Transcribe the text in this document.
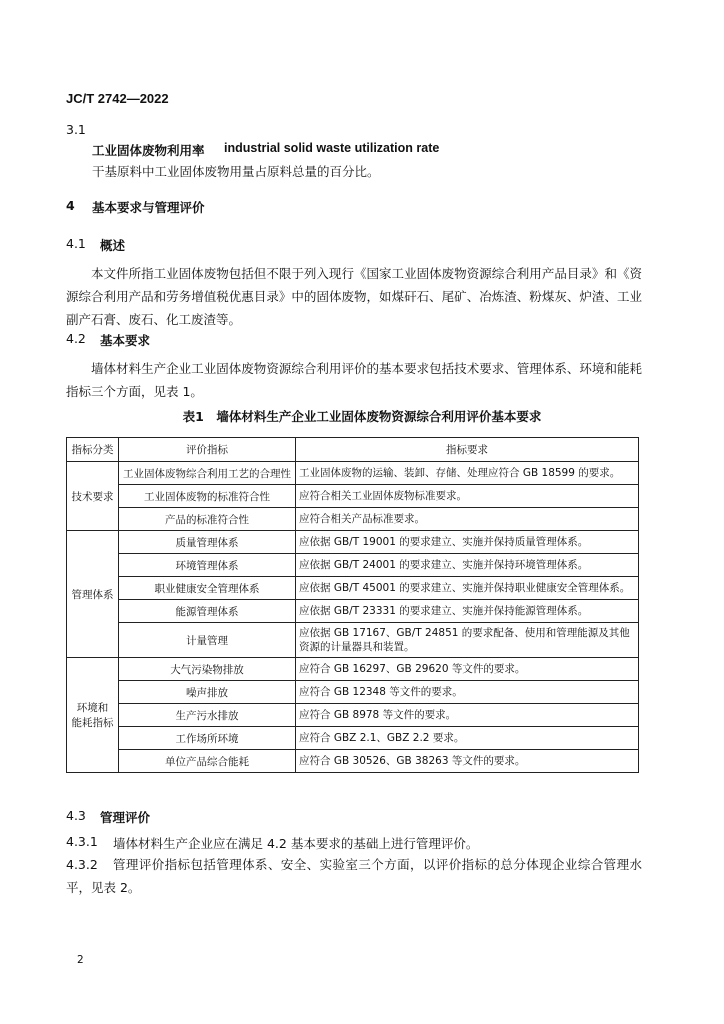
JC/T 2742—2022
3.1
工业固体废物利用率 industrial solid waste utilization rate
干基原料中工业固体废物用量占原料总量的百分比。
4 基本要求与管理评价
4.1 概述
本文件所指工业固体废物包括但不限于列入现行《国家工业固体废物资源综合利用产品目录》和《资源综合利用产品和劳务增值税优惠目录》中的固体废物，如煤矸石、尾矿、冶炼渣、粉煤灰、炉渣、工业副产石膏、废石、化工废渣等。
4.2 基本要求
墙体材料生产企业工业固体废物资源综合利用评价的基本要求包括技术要求、管理体系、环境和能耗指标三个方面，见表 1。
表1　墙体材料生产企业工业固体废物资源综合利用评价基本要求
指标分类	评价指标	指标要求
技术要求	工业固体废物综合利用工艺的合理性	工业固体废物的运输、装卸、存储、处理应符合 GB 18599 的要求。
	工业固体废物的标准符合性	应符合相关工业固体废物标准要求。
	产品的标准符合性	应符合相关产品标准要求。
管理体系	质量管理体系	应依据 GB/T 19001 的要求建立、实施并保持质量管理体系。
	环境管理体系	应依据 GB/T 24001 的要求建立、实施并保持环境管理体系。
	职业健康安全管理体系	应依据 GB/T 45001 的要求建立、实施并保持职业健康安全管理体系。
	能源管理体系	应依据 GB/T 23331 的要求建立、实施并保持能源管理体系。
	计量管理	应依据 GB 17167、GB/T 24851 的要求配备、使用和管理能源及其他资源的计量器具和装置。
环境和
能耗指标	大气污染物排放	应符合 GB 16297、GB 29620 等文件的要求。
	噪声排放	应符合 GB 12348 等文件的要求。
	生产污水排放	应符合 GB 8978 等文件的要求。
	工作场所环境	应符合 GBZ 2.1、GBZ 2.2 要求。
	单位产品综合能耗	应符合 GB 30526、GB 38263 等文件的要求。
4.3 管理评价
4.3.1 墙体材料生产企业应在满足 4.2 基本要求的基础上进行管理评价。
4.3.2	管理评价指标包括管理体系、安全、实验室三个方面，以评价指标的总分体现企业综合管理水平，见表 2。
2
